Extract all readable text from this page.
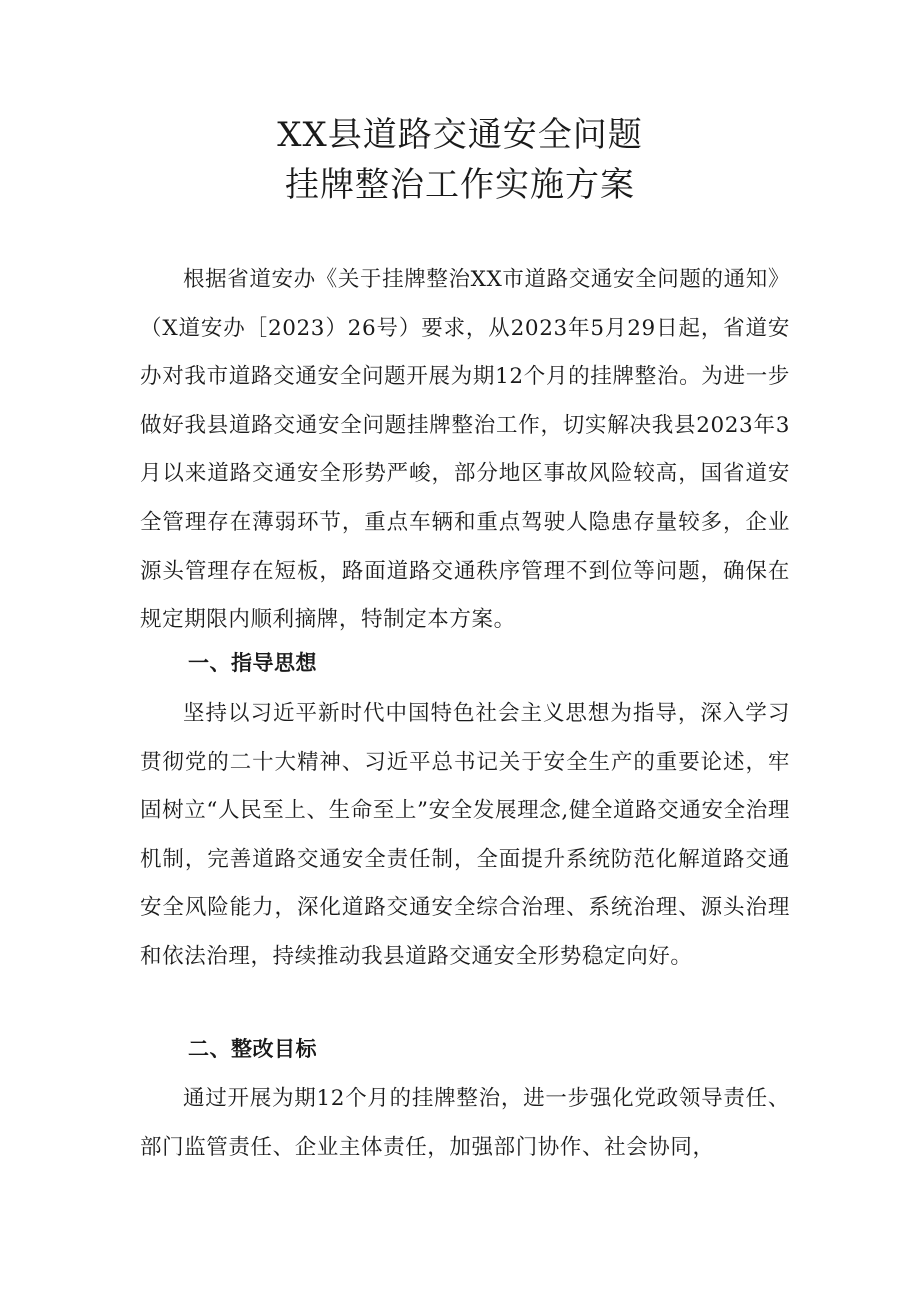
XX县道路交通安全问题
挂牌整治工作实施方案

根据省道安办《关于挂牌整治XX市道路交通安全问题的通知》（X道安办［2023）26号）要求，从2023年5月29日起，省道安办对我市道路交通安全问题开展为期12个月的挂牌整治。为进一步做好我县道路交通安全问题挂牌整治工作，切实解决我县2023年3月以来道路交通安全形势严峻，部分地区事故风险较高，国省道安全管理存在薄弱环节，重点车辆和重点驾驶人隐患存量较多，企业源头管理存在短板，路面道路交通秩序管理不到位等问题，确保在规定期限内顺利摘牌，特制定本方案。

一、指导思想

坚持以习近平新时代中国特色社会主义思想为指导，深入学习贯彻党的二十大精神、习近平总书记关于安全生产的重要论述，牢固树立“人民至上、生命至上”安全发展理念,健全道路交通安全治理机制，完善道路交通安全责任制，全面提升系统防范化解道路交通安全风险能力，深化道路交通安全综合治理、系统治理、源头治理和依法治理，持续推动我县道路交通安全形势稳定向好。

二、整改目标

通过开展为期12个月的挂牌整治，进一步强化党政领导责任、部门监管责任、企业主体责任，加强部门协作、社会协同，
